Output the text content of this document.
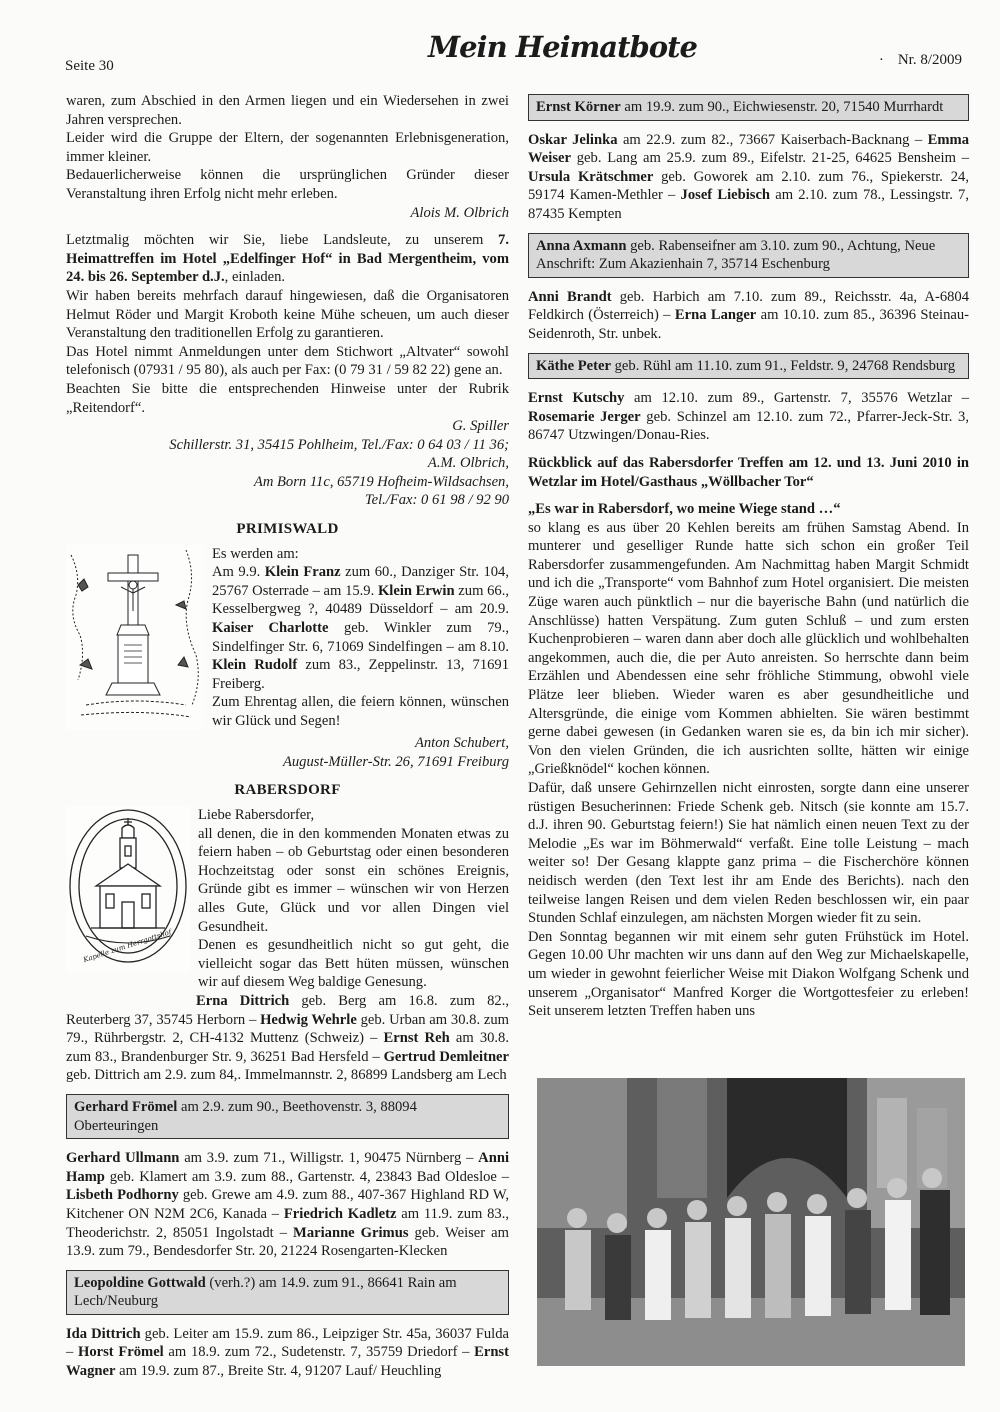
Seite 30
Mein Heimatbote	· Nr. 8/2009

waren, zum Abschied in den Armen liegen und ein Wiedersehen in zwei Jahren versprechen.

Leider wird die Gruppe der Eltern, der sogenannten Erlebnisgeneration, immer kleiner.

Bedauerlicherweise können die ursprünglichen Gründer dieser Veranstaltung ihren Erfolg nicht mehr erleben.

Alois M. Olbrich

Letztmalig möchten wir Sie, liebe Landsleute, zu unserem 7. Heimattreffen im Hotel „Edelfinger Hof“ in Bad Mergentheim, vom 24. bis 26. September d.J., einladen.

Wir haben bereits mehrfach darauf hingewiesen, daß die Organisatoren Helmut Röder und Margit Kroboth keine Mühe scheuen, um auch dieser Veranstaltung den traditionellen Erfolg zu garantieren.

Das Hotel nimmt Anmeldungen unter dem Stichwort „Altvater“ sowohl telefonisch (07931 / 95 80), als auch per Fax: (0 79 31 / 59 82 22) gene an.

Beachten Sie bitte die entsprechenden Hinweise unter der Rubrik „Reitendorf“.

G. Spiller
Schillerstr. 31, 35415 Pohlheim, Tel./Fax: 0 64 03 / 11 36;
A.M. Olbrich,
Am Born 11c, 65719 Hofheim-Wildsachsen,
Tel./Fax: 0 61 98 / 92 90
PRIMISWALD

Es werden am:

Am 9.9. Klein Franz zum 60., Danziger Str. 104, 25767 Osterrade – am 15.9. Klein Erwin zum 66., Kesselbergweg ?, 40489 Düsseldorf – am 20.9. Kaiser Charlotte geb. Winkler zum 79., Sindelfinger Str. 6, 71069 Sindelfingen – am 8.10. Klein Rudolf zum 83., Zeppelinstr. 13, 71691 Freiberg.

Zum Ehrentag allen, die feiern können, wünschen wir Glück und Segen!

Anton Schubert,
August-Müller-Str. 26, 71691 Freiburg
RABERSDORF
Kapelle zum Herrgottshof

Liebe Rabersdorfer,

all denen, die in den kommenden Monaten etwas zu feiern haben – ob Geburtstag oder einen besonderen Hochzeitstag oder sonst ein schönes Ereignis, Gründe gibt es immer – wünschen wir von Herzen alles Gute, Glück und vor allen Dingen viel Gesundheit.

Denen es gesundheitlich nicht so gut geht, die vielleicht sogar das Bett hüten müssen, wünschen wir auf diesem Weg baldige Genesung.

Erna Dittrich geb. Berg am 16.8. zum 82., Reuterberg 37, 35745 Herborn – Hedwig Wehrle geb. Urban am 30.8. zum 79., Rührbergstr. 2, CH-4132 Muttenz (Schweiz) – Ernst Reh am 30.8. zum 83., Brandenburger Str. 9, 36251 Bad Hersfeld – Gertrud Demleitner geb. Dittrich am 2.9. zum 84,. Immelmannstr. 2, 86899 Landsberg am Lech

Gerhard Frömel am 2.9. zum 90., Beethovenstr. 3, 88094 Oberteuringen

Gerhard Ullmann am 3.9. zum 71., Willigstr. 1, 90475 Nürnberg – Anni Hamp geb. Klamert am 3.9. zum 88., Gartenstr. 4, 23843 Bad Oldesloe – Lisbeth Podhorny geb. Grewe am 4.9. zum 88., 407-367 Highland RD W, Kitchener ON N2M 2C6, Kanada – Friedrich Kadletz am 11.9. zum 83., Theoderichstr. 2, 85051 Ingolstadt – Marianne Grimus geb. Weiser am 13.9. zum 79., Bendesdorfer Str. 20, 21224 Rosengarten-Klecken

Leopoldine Gottwald (verh.?) am 14.9. zum 91., 86641 Rain am Lech/Neuburg

Ida Dittrich geb. Leiter am 15.9. zum 86., Leipziger Str. 45a, 36037 Fulda – Horst Frömel am 18.9. zum 72., Sudetenstr. 7, 35759 Driedorf – Ernst Wagner am 19.9. zum 87., Breite Str. 4, 91207 Lauf/ Heuchling

Ernst Körner am 19.9. zum 90., Eichwiesenstr. 20, 71540 Murrhardt

Oskar Jelinka am 22.9. zum 82., 73667 Kaiserbach-Backnang – Emma Weiser geb. Lang am 25.9. zum 89., Eifelstr. 21-25, 64625 Bensheim – Ursula Krätschmer geb. Goworek am 2.10. zum 76., Spiekerstr. 24, 59174 Kamen-Methler – Josef Liebisch am 2.10. zum 78., Lessingstr. 7, 87435 Kempten

Anna Axmann geb. Rabenseifner am 3.10. zum 90., Achtung, Neue Anschrift: Zum Akazienhain 7, 35714 Eschenburg

Anni Brandt geb. Harbich am 7.10. zum 89., Reichsstr. 4a, A-6804 Feldkirch (Österreich) – Erna Langer am 10.10. zum 85., 36396 Steinau-Seidenroth, Str. unbek.

Käthe Peter geb. Rühl am 11.10. zum 91., Feldstr. 9, 24768 Rendsburg

Ernst Kutschy am 12.10. zum 89., Gartenstr. 7, 35576 Wetzlar – Rosemarie Jerger geb. Schinzel am 12.10. zum 72., Pfarrer-Jeck-Str. 3, 86747 Utzwingen/Donau-Ries.

Rückblick auf das Rabersdorfer Treffen am 12. und 13. Juni 2010 in Wetzlar im Hotel/Gasthaus „Wöllbacher Tor“

„Es war in Rabersdorf, wo meine Wiege stand …“

so klang es aus über 20 Kehlen bereits am frühen Samstag Abend. In munterer und geselliger Runde hatte sich schon ein großer Teil Rabersdorfer zusammengefunden. Am Nachmittag haben Margit Schmidt und ich die „Transporte“ vom Bahnhof zum Hotel organisiert. Die meisten Züge waren auch pünktlich – nur die bayerische Bahn (und natürlich die Anschlüsse) hatten Verspätung. Zum guten Schluß – und zum ersten Kuchenprobieren – waren dann aber doch alle glücklich und wohlbehalten angekommen, auch die, die per Auto anreisten. So herrschte dann beim Erzählen und Abendessen eine sehr fröhliche Stimmung, obwohl viele Plätze leer blieben. Wieder waren es aber gesundheitliche und Altersgründe, die einige vom Kommen abhielten. Sie wären bestimmt gerne dabei gewesen (in Gedanken waren sie es, da bin ich mir sicher). Von den vielen Gründen, die ich ausrichten sollte, hätten wir einige „Grießknödel“ kochen können.

Dafür, daß unsere Gehirnzellen nicht einrosten, sorgte dann eine unserer rüstigen Besucherinnen: Friede Schenk geb. Nitsch (sie konnte am 15.7. d.J. ihren 90. Geburtstag feiern!) Sie hat nämlich einen neuen Text zu der Melodie „Es war im Böhmerwald“ verfaßt. Eine tolle Leistung – mach weiter so! Der Gesang klappte ganz prima – die Fischerchöre können neidisch werden (den Text lest ihr am Ende des Berichts). nach den teilweise langen Reisen und dem vielen Reden beschlossen wir, ein paar Stunden Schlaf einzulegen, am nächsten Morgen wieder fit zu sein.

Den Sonntag begannen wir mit einem sehr guten Frühstück im Hotel. Gegen 10.00 Uhr machten wir uns dann auf den Weg zur Michaelskapelle, um wieder in gewohnt feierlicher Weise mit Diakon Wolfgang Schenk und unserem „Organisator“ Manfred Korger die Wortgottesfeier zu erleben! Seit unserem letzten Treffen haben uns
